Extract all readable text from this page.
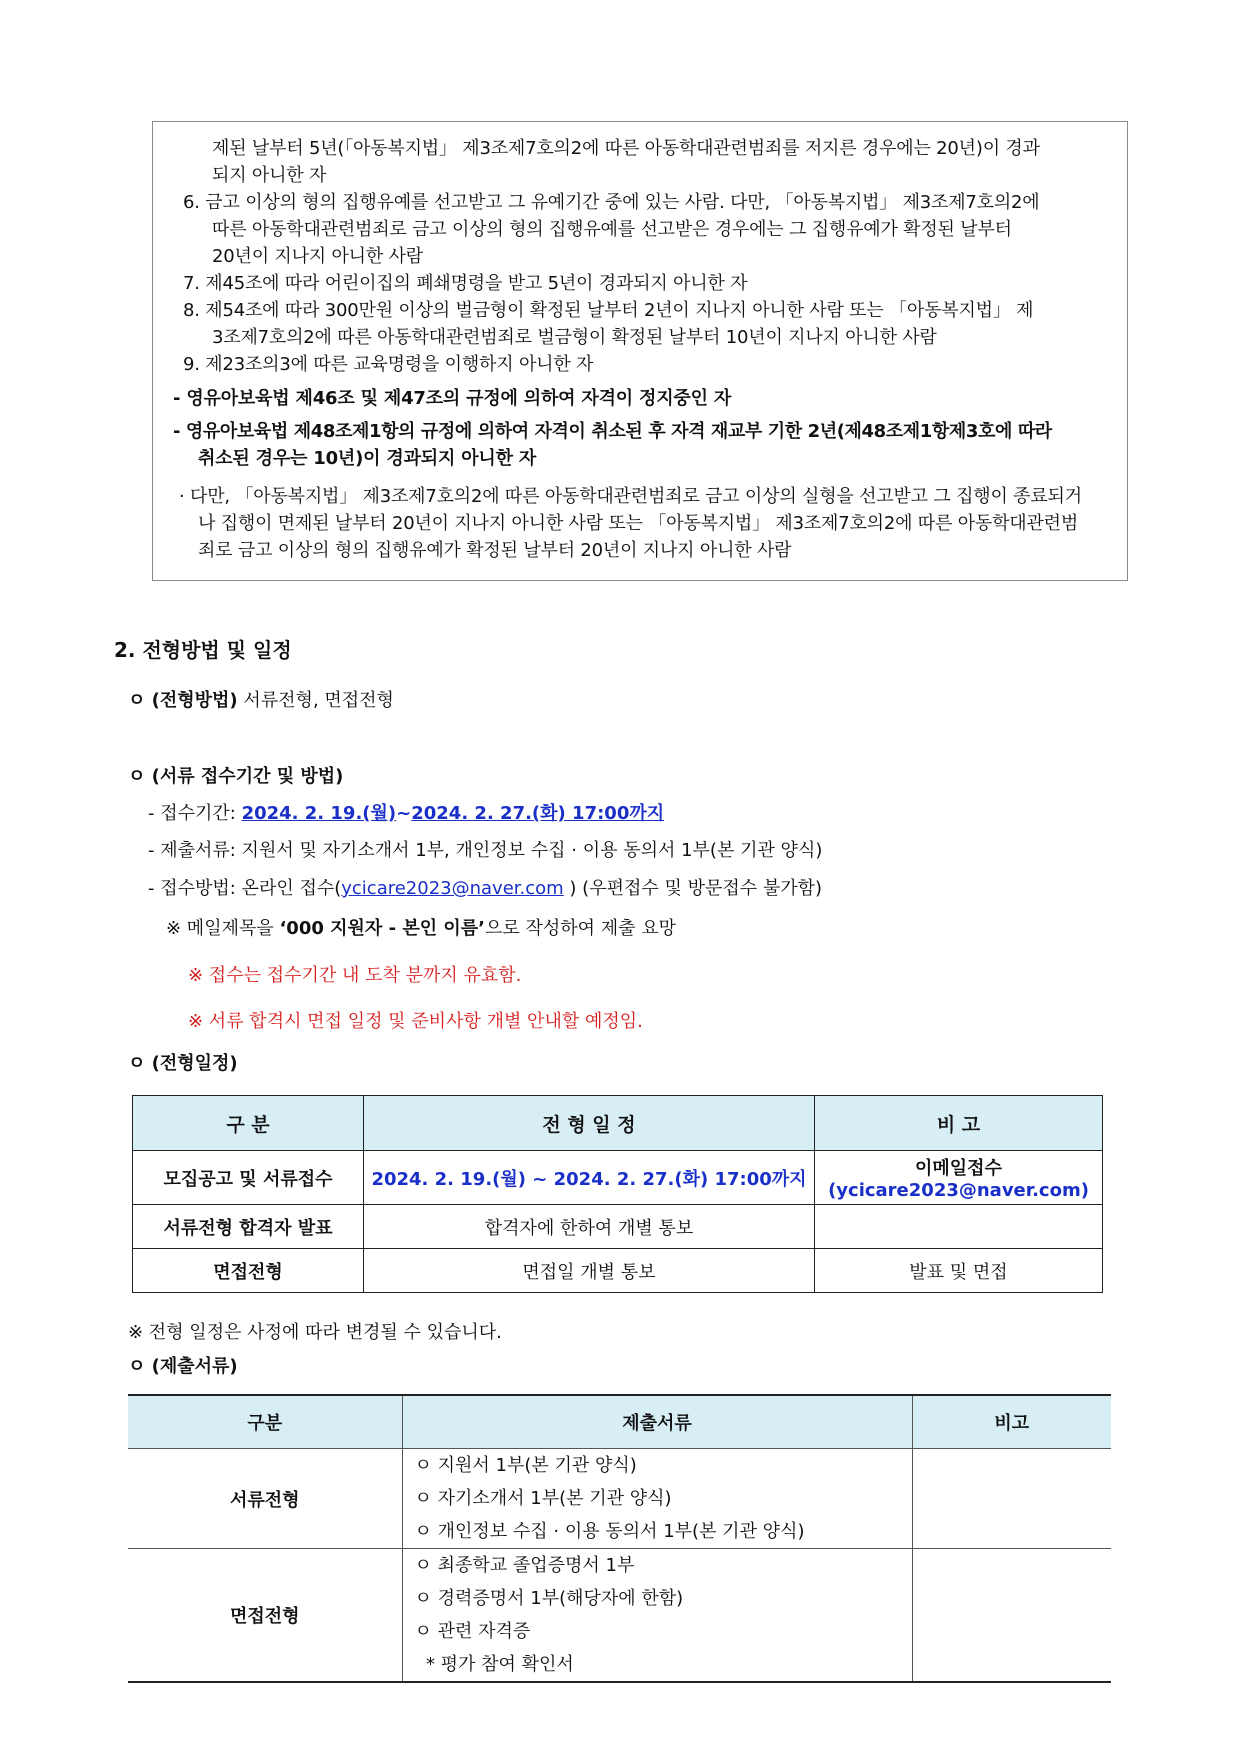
제된 날부터 5년(「아동복지법」 제3조제7호의2에 따른 아동학대관련범죄를 저지른 경우에는 20년)이 경과
되지 아니한 자
6. 금고 이상의 형의 집행유예를 선고받고 그 유예기간 중에 있는 사람. 다만, 「아동복지법」 제3조제7호의2에
따른 아동학대관련범죄로 금고 이상의 형의 집행유예를 선고받은 경우에는 그 집행유예가 확정된 날부터
20년이 지나지 아니한 사람
7. 제45조에 따라 어린이집의 폐쇄명령을 받고 5년이 경과되지 아니한 자
8. 제54조에 따라 300만원 이상의 벌금형이 확정된 날부터 2년이 지나지 아니한 사람 또는 「아동복지법」 제
3조제7호의2에 따른 아동학대관련범죄로 벌금형이 확정된 날부터 10년이 지나지 아니한 사람
9. 제23조의3에 따른 교육명령을 이행하지 아니한 자
- 영유아보육법 제46조 및 제47조의 규정에 의하여 자격이 정지중인 자
- 영유아보육법 제48조제1항의 규정에 의하여 자격이 취소된 후 자격 재교부 기한 2년(제48조제1항제3호에 따라
취소된 경우는 10년)이 경과되지 아니한 자
· 다만, 「아동복지법」 제3조제7호의2에 따른 아동학대관련범죄로 금고 이상의 실형을 선고받고 그 집행이 종료되거
나 집행이 면제된 날부터 20년이 지나지 아니한 사람 또는 「아동복지법」 제3조제7호의2에 따른 아동학대관련범
죄로 금고 이상의 형의 집행유예가 확정된 날부터 20년이 지나지 아니한 사람
2. 전형방법 및 일정
ㅇ (전형방법) 서류전형, 면접전형
ㅇ (서류 접수기간 및 방법)
- 접수기간: 2024. 2. 19.(월)~2024. 2. 27.(화) 17:00까지
- 제출서류: 지원서 및 자기소개서 1부, 개인정보 수집 · 이용 동의서 1부(본 기관 양식)
- 접수방법: 온라인 접수(ycicare2023@naver.com ) (우편접수 및 방문접수 불가함)
※ 메일제목을 ‘000 지원자 - 본인 이름’으로 작성하여 제출 요망
※ 접수는 접수기간 내 도착 분까지 유효함.
※ 서류 합격시 면접 일정 및 준비사항 개별 안내할 예정임.
ㅇ (전형일정)
구 분	전 형 일 정	비 고
모집공고 및 서류접수	2024. 2. 19.(월) ~ 2024. 2. 27.(화) 17:00까지	이메일접수
(ycicare2023@naver.com)

서류전형 합격자 발표	합격자에 한하여 개별 통보	
면접전형	면접일 개별 통보	발표 및 면접
※ 전형 일정은 사정에 따라 변경될 수 있습니다.
ㅇ (제출서류)
구분	제출서류	비고
서류전형	ㅇ 지원서 1부(본 기관 양식)
ㅇ 자기소개서 1부(본 기관 양식)
ㅇ 개인정보 수집 · 이용 동의서 1부(본 기관 양식)	

면접전형	ㅇ 최종학교 졸업증명서 1부
ㅇ 경력증명서 1부(해당자에 한함)
ㅇ 관련 자격증
* 평가 참여 확인서	
